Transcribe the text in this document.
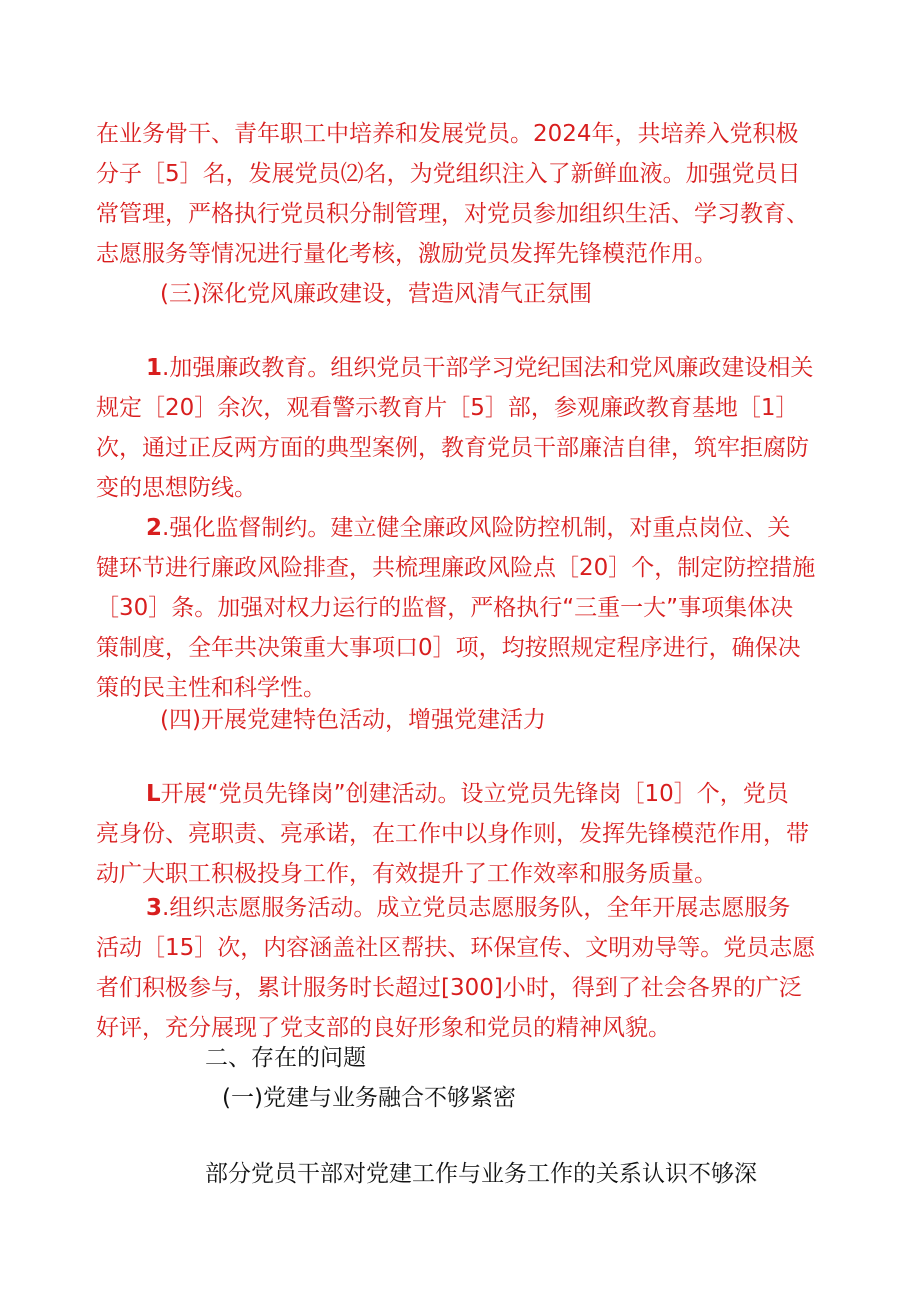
在业务骨干、青年职工中培养和发展党员。2024年，共培养入党积极
分子［5］名，发展党员⑵名，为党组织注入了新鲜血液。加强党员日
常管理，严格执行党员积分制管理，对党员参加组织生活、学习教育、
志愿服务等情况进行量化考核，激励党员发挥先锋模范作用。
(三)深化党风廉政建设，营造风清气正氛围
1.加强廉政教育。组织党员干部学习党纪国法和党风廉政建设相关
规定［20］余次，观看警示教育片［5］部，参观廉政教育基地［1］
次，通过正反两方面的典型案例，教育党员干部廉洁自律，筑牢拒腐防
变的思想防线。
2.强化监督制约。建立健全廉政风险防控机制，对重点岗位、关
键环节进行廉政风险排查，共梳理廉政风险点［20］个，制定防控措施
［30］条。加强对权力运行的监督，严格执行“三重一大”事项集体决
策制度，全年共决策重大事项口0］项，均按照规定程序进行，确保决
策的民主性和科学性。
(四)开展党建特色活动，增强党建活力
L开展“党员先锋岗”创建活动。设立党员先锋岗［10］个，党员
亮身份、亮职责、亮承诺，在工作中以身作则，发挥先锋模范作用，带
动广大职工积极投身工作，有效提升了工作效率和服务质量。
3.组织志愿服务活动。成立党员志愿服务队，全年开展志愿服务
活动［15］次，内容涵盖社区帮扶、环保宣传、文明劝导等。党员志愿
者们积极参与，累计服务时长超过[300]小时，得到了社会各界的广泛
好评，充分展现了党支部的良好形象和党员的精神风貌。
二、存在的问题
(一)党建与业务融合不够紧密
部分党员干部对党建工作与业务工作的关系认识不够深
